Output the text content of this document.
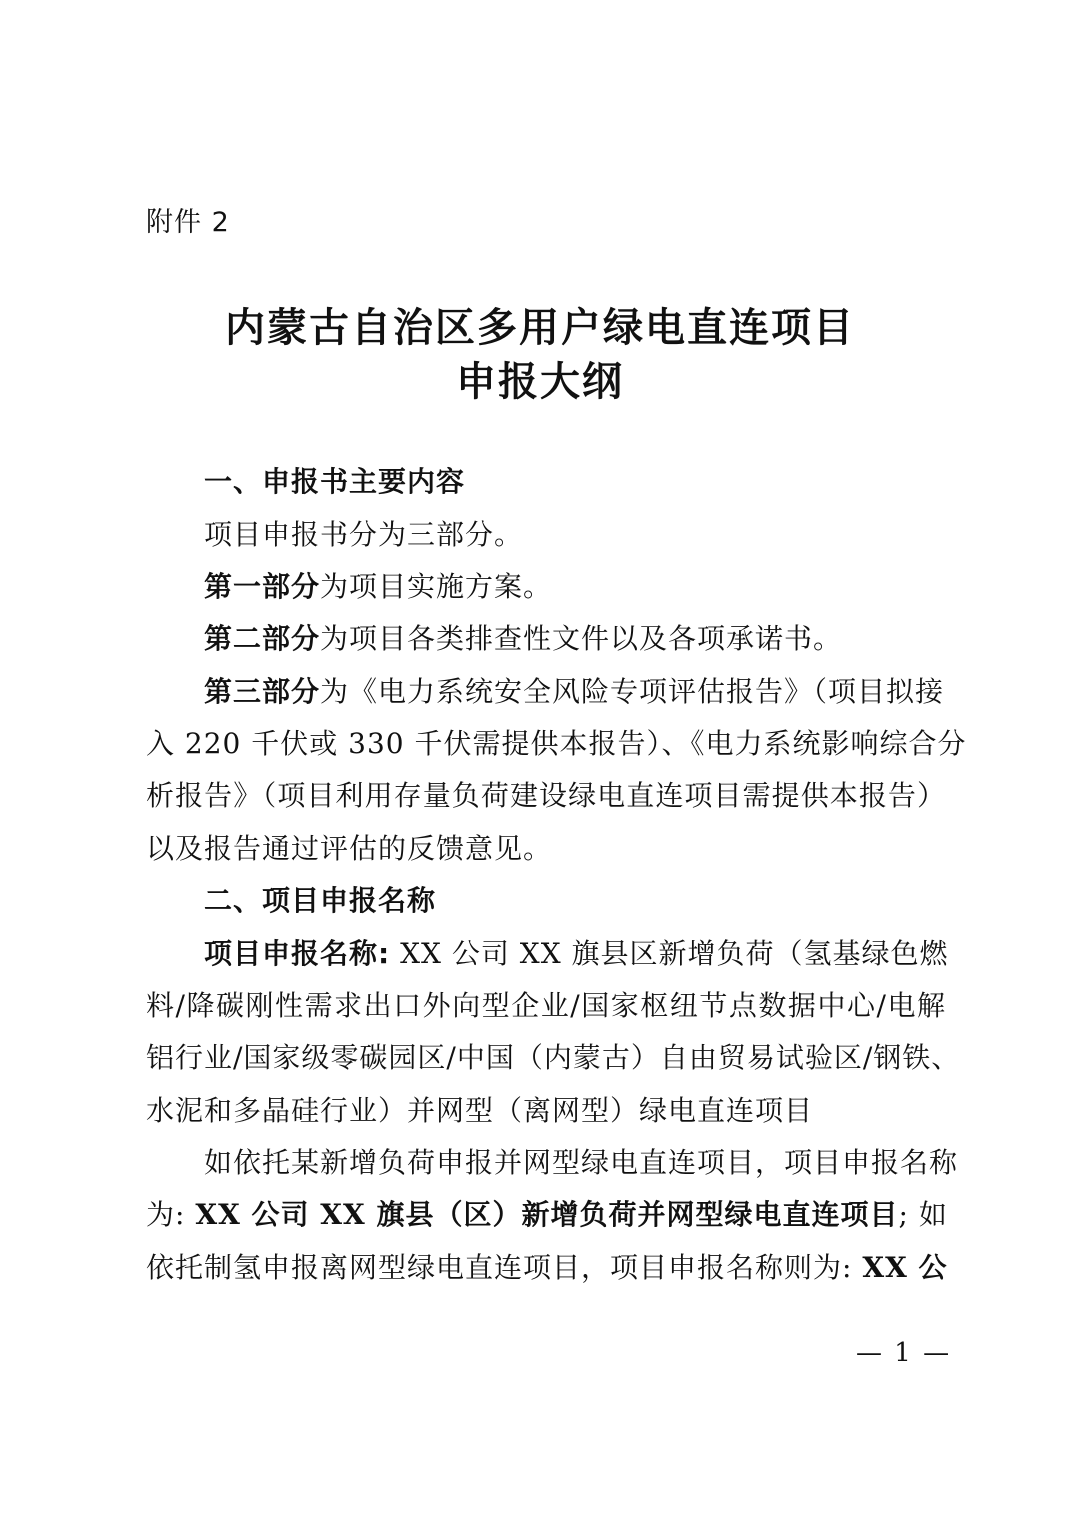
附件 2
内蒙古自治区多用户绿电直连项目
申报大纲
一、申报书主要内容
项目申报书分为三部分。
第一部分为项目实施方案。
第二部分为项目各类排查性文件以及各项承诺书。
第三部分为《电力系统安全风险专项评估报告》（项目拟接
入 220 千伏或 330 千伏需提供本报告）、《电力系统影响综合分
析报告》（项目利用存量负荷建设绿电直连项目需提供本报告）
以及报告通过评估的反馈意见。
二、项目申报名称
项目申报名称: XX 公司 XX 旗县区新增负荷（氢基绿色燃
料/降碳刚性需求出口外向型企业/国家枢纽节点数据中心/电解
铝行业/国家级零碳园区/中国（内蒙古）自由贸易试验区/钢铁、
水泥和多晶硅行业）并网型（离网型）绿电直连项目
如依托某新增负荷申报并网型绿电直连项目，项目申报名称
为: XX 公司 XX 旗县（区）新增负荷并网型绿电直连项目; 如
依托制氢申报离网型绿电直连项目，项目申报名称则为: XX 公
— 1 —
